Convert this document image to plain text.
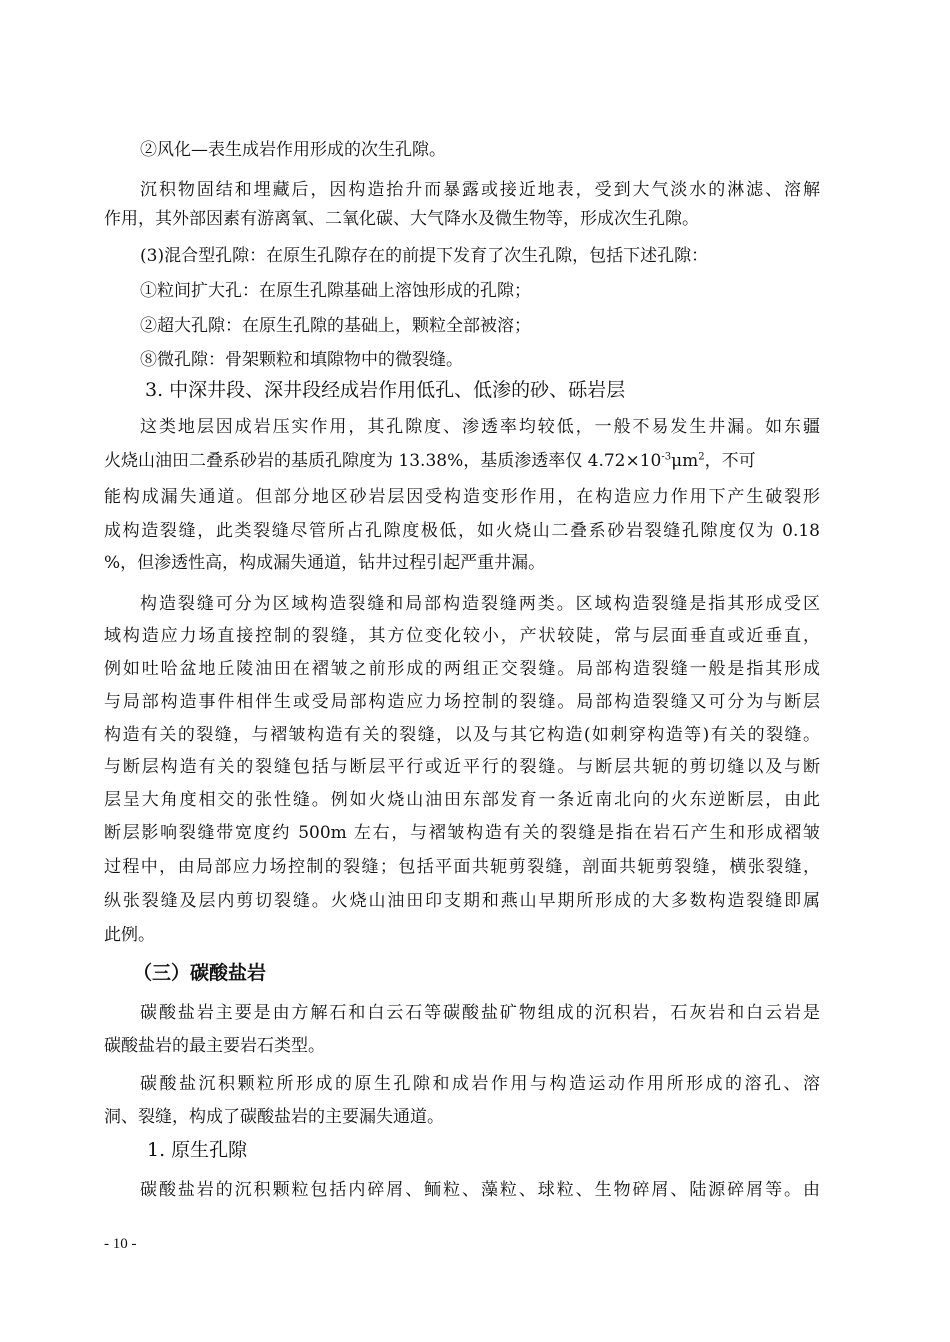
②风化—表生成岩作用形成的次生孔隙。
沉积物固结和埋藏后，因构造抬升而暴露或接近地表，受到大气淡水的淋滤、溶解
作用，其外部因素有游离氧、二氧化碳、大气降水及微生物等，形成次生孔隙。
(3)混合型孔隙：在原生孔隙存在的前提下发育了次生孔隙，包括下述孔隙：
①粒间扩大孔：在原生孔隙基础上溶蚀形成的孔隙；
②超大孔隙：在原生孔隙的基础上，颗粒全部被溶；
⑧微孔隙：骨架颗粒和填隙物中的微裂缝。
3. 中深井段、深井段经成岩作用低孔、低渗的砂、砾岩层
这类地层因成岩压实作用，其孔隙度、渗透率均较低，一般不易发生井漏。如东疆
火烧山油田二叠系砂岩的基质孔隙度为 13.38%，基质渗透率仅 $4.72\times 10^{-3}\mu m^2$，不可
能构成漏失通道。但部分地区砂岩层因受构造变形作用，在构造应力作用下产生破裂形
成构造裂缝，此类裂缝尽管所占孔隙度极低，如火烧山二叠系砂岩裂缝孔隙度仅为 0.18
%，但渗透性高，构成漏失通道，钻井过程引起严重井漏。
构造裂缝可分为区域构造裂缝和局部构造裂缝两类。区域构造裂缝是指其形成受区
域构造应力场直接控制的裂缝，其方位变化较小，产状较陡，常与层面垂直或近垂直，
例如吐哈盆地丘陵油田在褶皱之前形成的两组正交裂缝。局部构造裂缝一般是指其形成
与局部构造事件相伴生或受局部构造应力场控制的裂缝。局部构造裂缝又可分为与断层
构造有关的裂缝，与褶皱构造有关的裂缝，以及与其它构造(如刺穿构造等)有关的裂缝。
与断层构造有关的裂缝包括与断层平行或近平行的裂缝。与断层共轭的剪切缝以及与断
层呈大角度相交的张性缝。例如火烧山油田东部发育一条近南北向的火东逆断层，由此
断层影响裂缝带宽度约 500m 左右，与褶皱构造有关的裂缝是指在岩石产生和形成褶皱
过程中，由局部应力场控制的裂缝；包括平面共轭剪裂缝，剖面共轭剪裂缝，横张裂缝，
纵张裂缝及层内剪切裂缝。火烧山油田印支期和燕山早期所形成的大多数构造裂缝即属
此例。
（三）碳酸盐岩
碳酸盐岩主要是由方解石和白云石等碳酸盐矿物组成的沉积岩，石灰岩和白云岩是
碳酸盐岩的最主要岩石类型。
碳酸盐沉积颗粒所形成的原生孔隙和成岩作用与构造运动作用所形成的溶孔、溶
洞、裂缝，构成了碳酸盐岩的主要漏失通道。
1. 原生孔隙
碳酸盐岩的沉积颗粒包括内碎屑、鲕粒、藻粒、球粒、生物碎屑、陆源碎屑等。由
- 10 -
